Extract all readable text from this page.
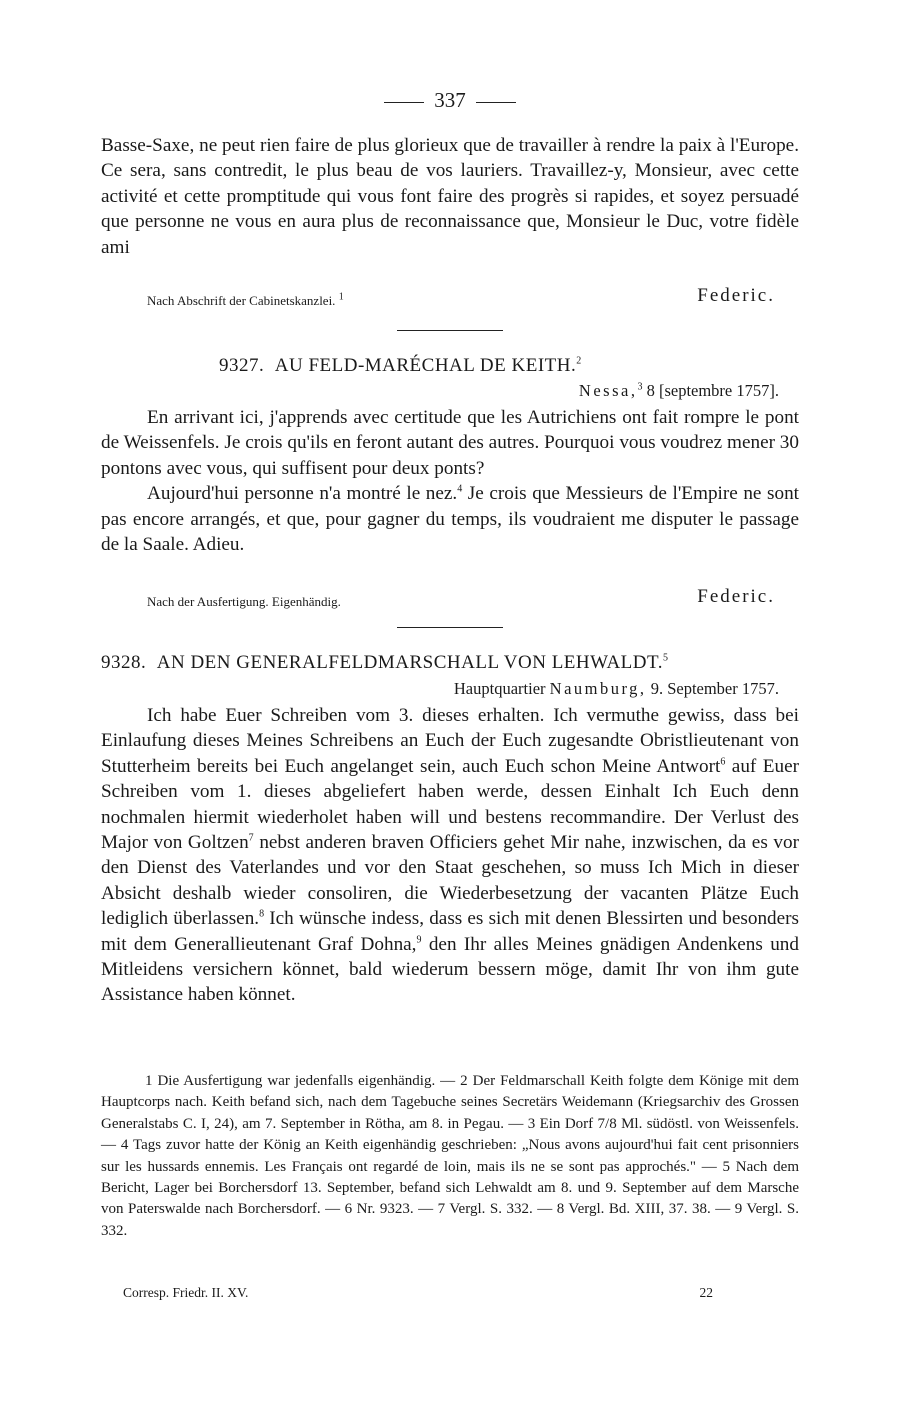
337

Basse-Saxe, ne peut rien faire de plus glorieux que de travailler à rendre la paix à l'Europe. Ce sera, sans contredit, le plus beau de vos lauriers. Travaillez-y, Monsieur, avec cette activité et cette promptitude qui vous font faire des progrès si rapides, et soyez persuadé que personne ne vous en aura plus de reconnaissance que, Monsieur le Duc, votre fidèle ami

Nach Abschrift der Cabinetskanzlei. $^1$	Federic.
9327. AU FELD-MARÉCHAL DE KEITH.$^2$
Nessa,$^3$ 8 [septembre 1757].

En arrivant ici, j'apprends avec certitude que les Autrichiens ont fait rompre le pont de Weissenfels. Je crois qu'ils en feront autant des autres. Pourquoi vous voudrez mener 30 pontons avec vous, qui suffisent pour deux ponts?

Aujourd'hui personne n'a montré le nez.$^4$ Je crois que Messieurs de l'Empire ne sont pas encore arrangés, et que, pour gagner du temps, ils voudraient me disputer le passage de la Saale. Adieu.

Nach der Ausfertigung. Eigenhändig.	Federic.
9328. AN DEN GENERALFELDMARSCHALL VON LEHWALDT.$^5$
Hauptquartier Naumburg, 9. September 1757.

Ich habe Euer Schreiben vom 3. dieses erhalten. Ich vermuthe gewiss, dass bei Einlaufung dieses Meines Schreibens an Euch der Euch zugesandte Obristlieutenant von Stutterheim bereits bei Euch angelanget sein, auch Euch schon Meine Antwort$^6$ auf Euer Schreiben vom 1. dieses abgeliefert haben werde, dessen Einhalt Ich Euch denn nochmalen hiermit wiederholet haben will und bestens recommandire. Der Verlust des Major von Goltzen$^7$ nebst anderen braven Officiers gehet Mir nahe, inzwischen, da es vor den Dienst des Vaterlandes und vor den Staat geschehen, so muss Ich Mich in dieser Absicht deshalb wieder consoliren, die Wiederbesetzung der vacanten Plätze Euch lediglich überlassen.$^8$ Ich wünsche indess, dass es sich mit denen Blessirten und besonders mit dem Generallieutenant Graf Dohna,$^9$ den Ihr alles Meines gnädigen Andenkens und Mitleidens versichern könnet, bald wiederum bessern möge, damit Ihr von ihm gute Assistance haben könnet.

1 Die Ausfertigung war jedenfalls eigenhändig. — 2 Der Feldmarschall Keith folgte dem Könige mit dem Hauptcorps nach. Keith befand sich, nach dem Tagebuche seines Secretärs Weidemann (Kriegsarchiv des Grossen Generalstabs C. I, 24), am 7. September in Rötha, am 8. in Pegau. — 3 Ein Dorf 7/8 Ml. südöstl. von Weissenfels. — 4 Tags zuvor hatte der König an Keith eigenhändig geschrieben: „Nous avons aujourd'hui fait cent prisonniers sur les hussards ennemis. Les Français ont regardé de loin, mais ils ne se sont pas approchés." — 5 Nach dem Bericht, Lager bei Borchersdorf 13. September, befand sich Lehwaldt am 8. und 9. September auf dem Marsche von Paterswalde nach Borchersdorf. — 6 Nr. 9323. — 7 Vergl. S. 332. — 8 Vergl. Bd. XIII, 37. 38. — 9 Vergl. S. 332.

Corresp. Friedr. II. XV.	22
